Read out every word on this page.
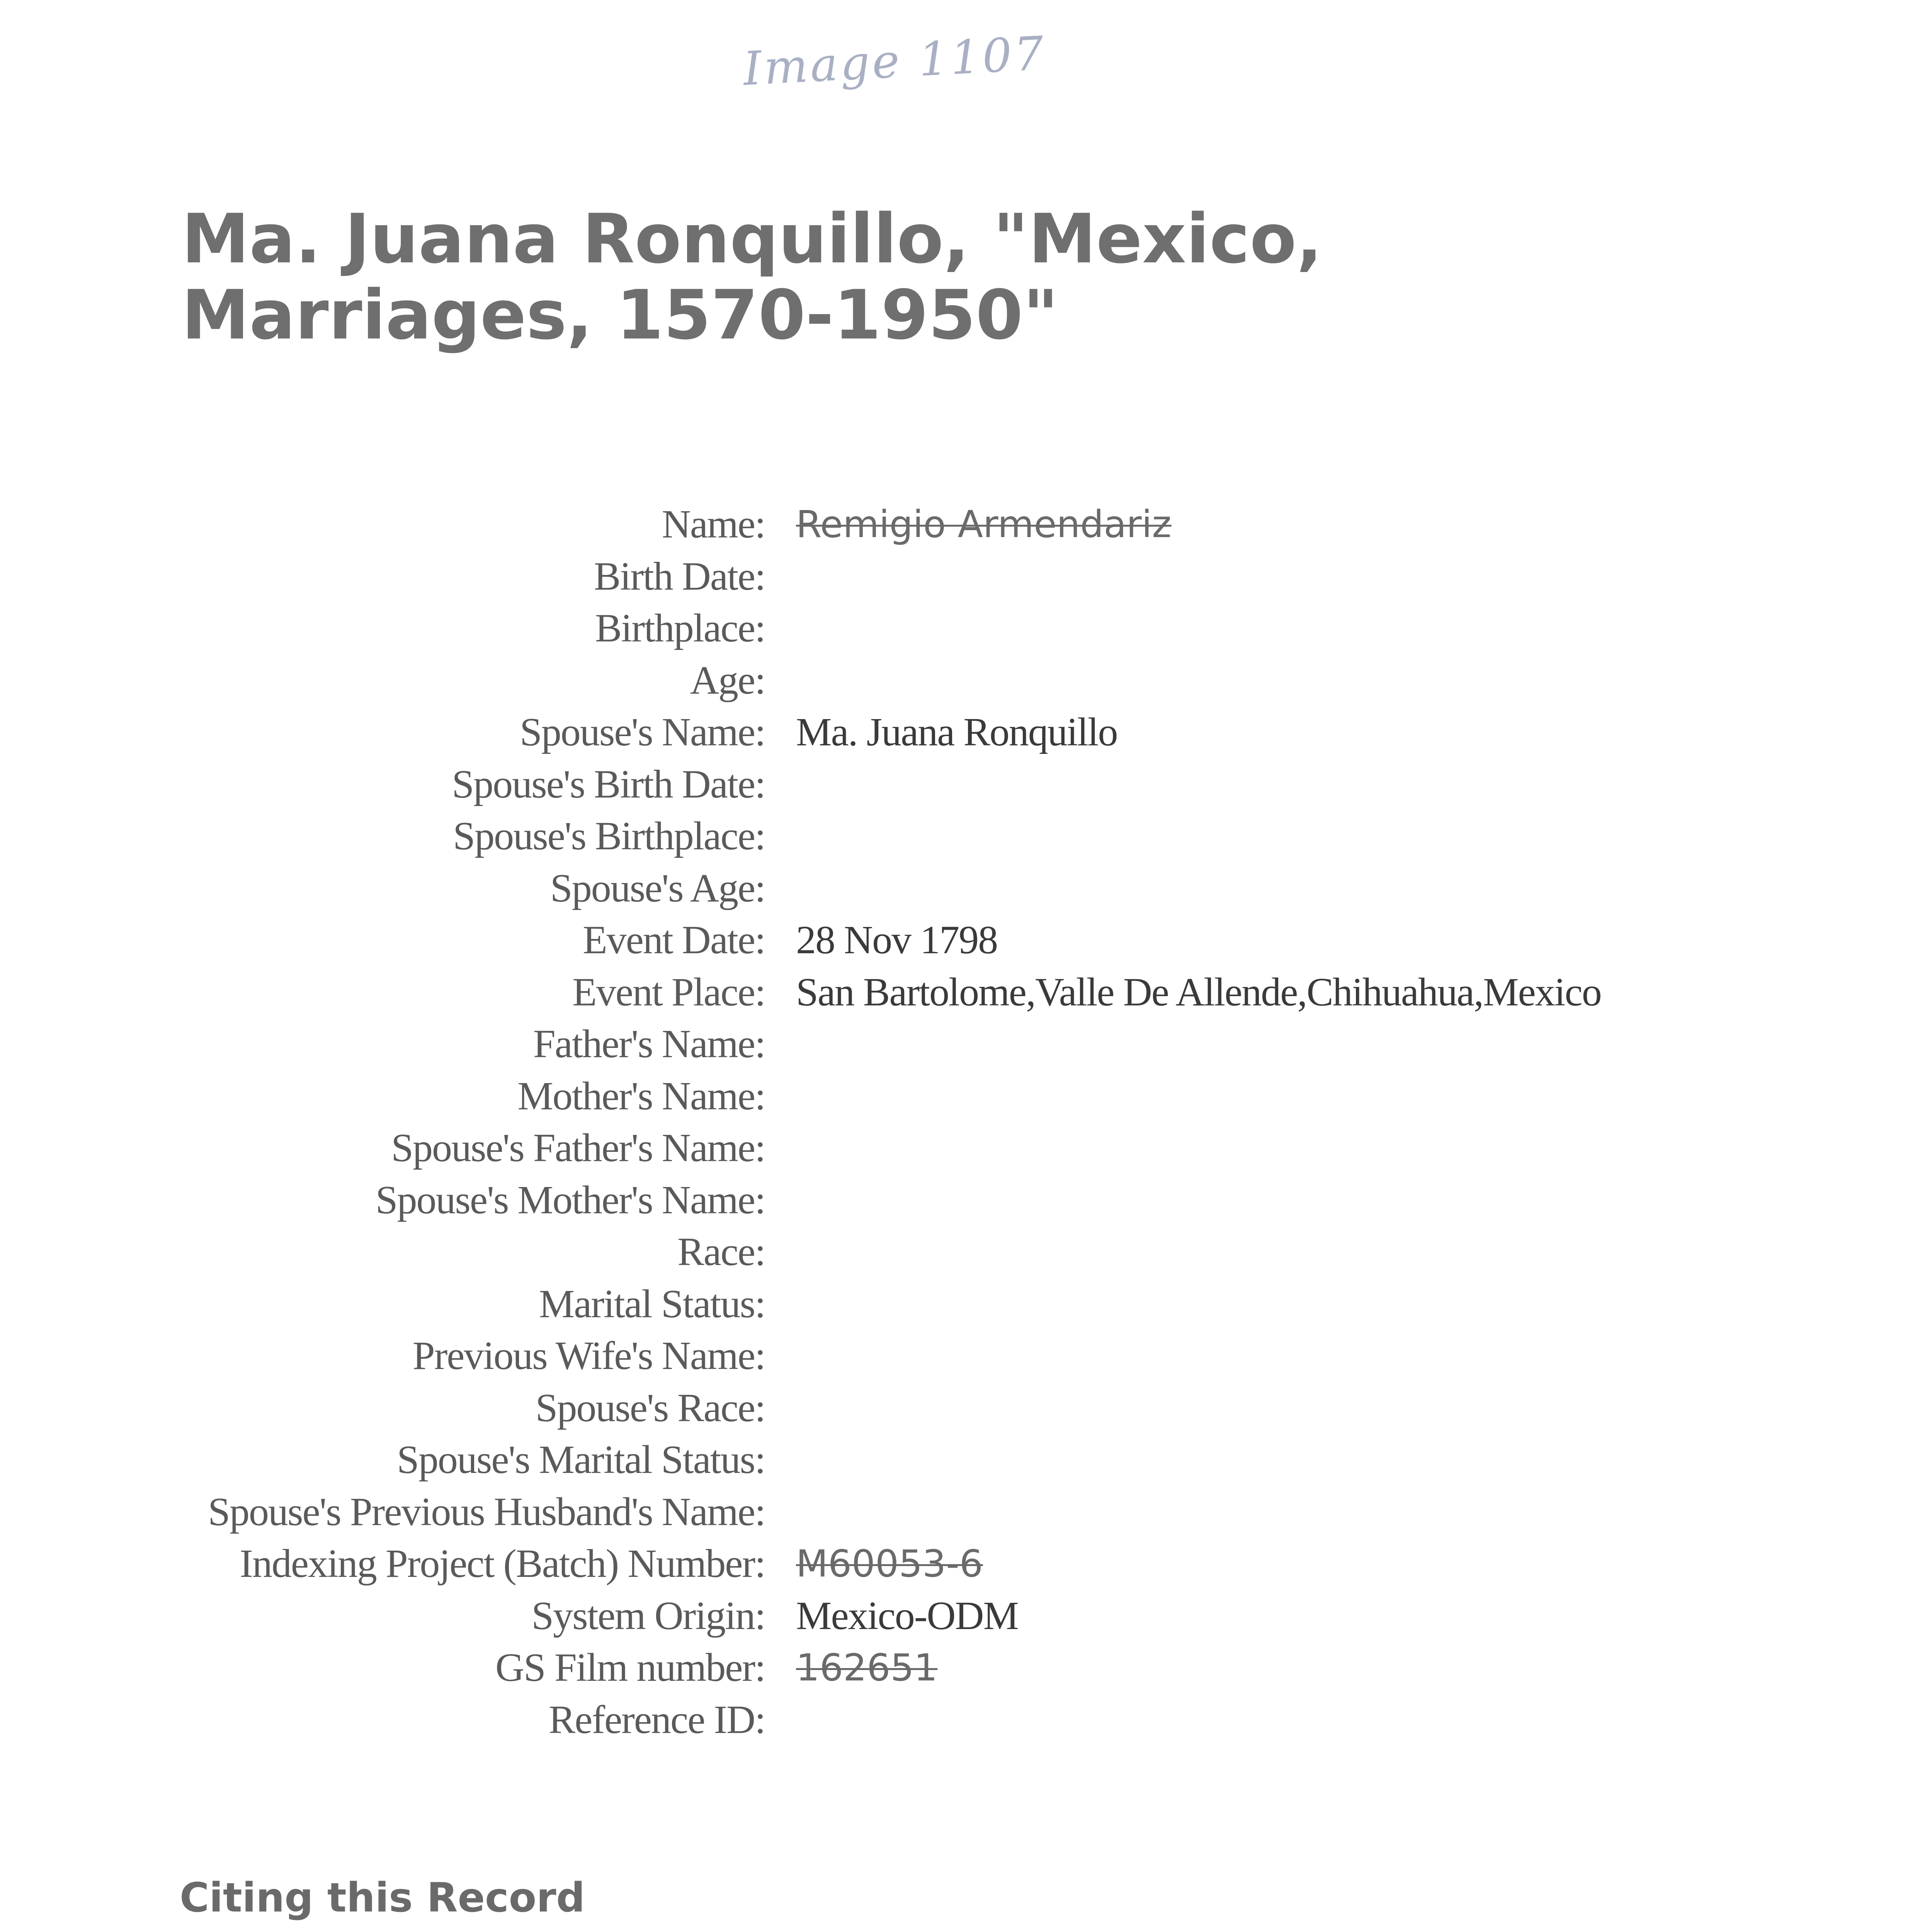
Image 1107
Ma. Juana Ronquillo, "Mexico, Marriages, 1570-1950"
Name: Remigio Armendariz
Birth Date:
Birthplace:
Age:
Spouse's Name: Ma. Juana Ronquillo
Spouse's Birth Date:
Spouse's Birthplace:
Spouse's Age:
Event Date: 28 Nov 1798
Event Place: San Bartolome,Valle De Allende,Chihuahua,Mexico
Father's Name:
Mother's Name:
Spouse's Father's Name:
Spouse's Mother's Name:
Race:
Marital Status:
Previous Wife's Name:
Spouse's Race:
Spouse's Marital Status:
Spouse's Previous Husband's Name:
Indexing Project (Batch) Number: M60053-6
System Origin: Mexico-ODM
GS Film number: 162651
Reference ID:
Citing this Record
